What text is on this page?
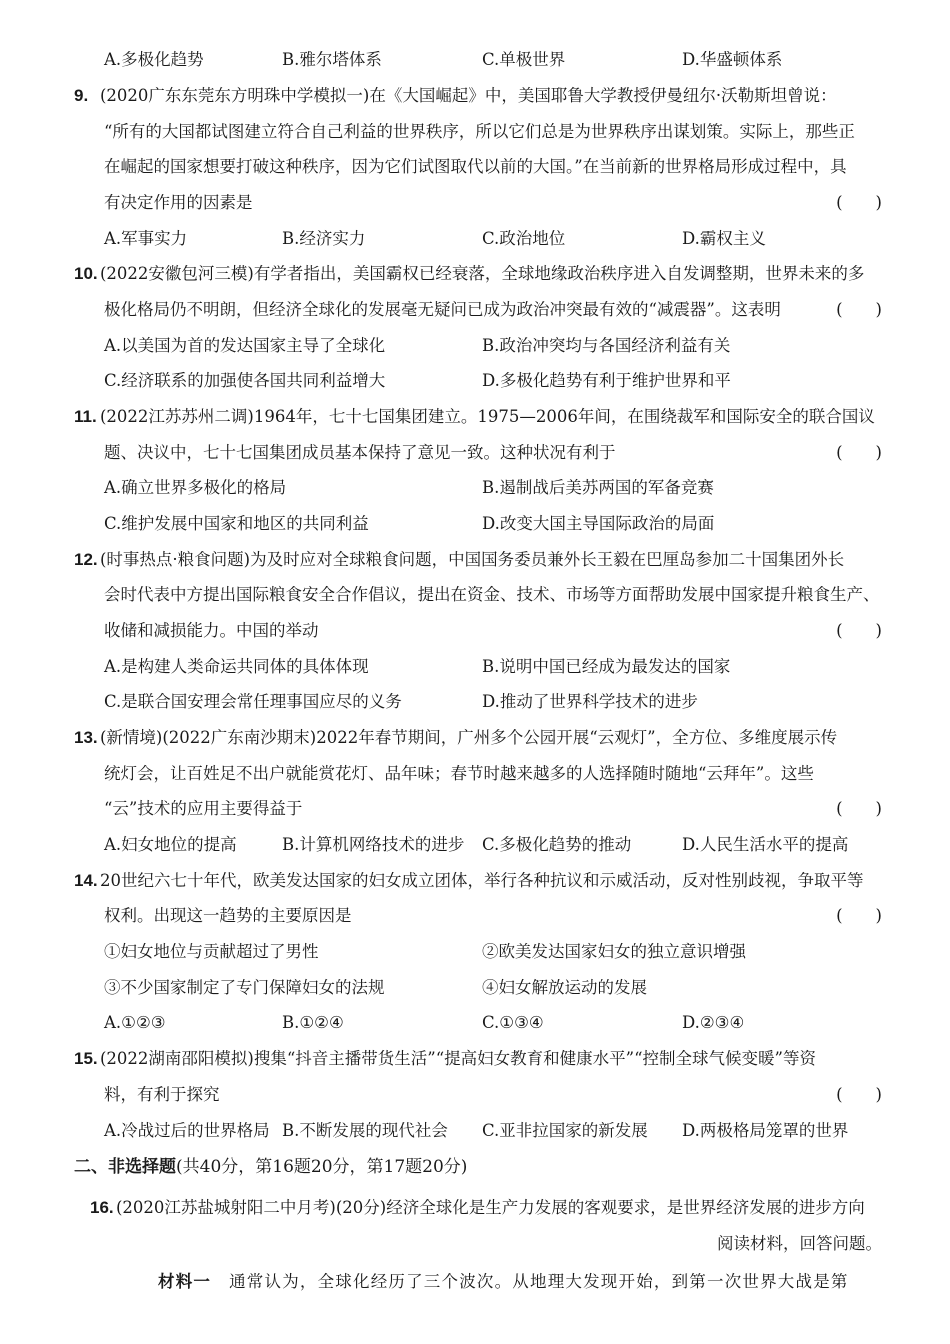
A.多极化趋势	B.雅尔塔体系	C.单极世界	D.华盛顿体系
9. (2020广东东莞东方明珠中学模拟一)在《大国崛起》中，美国耶鲁大学教授伊曼纽尔·沃勒斯坦曾说：
“所有的大国都试图建立符合自己利益的世界秩序，所以它们总是为世界秩序出谋划策。实际上，那些正
在崛起的国家想要打破这种秩序，因为它们试图取代以前的大国。”在当前新的世界格局形成过程中，具
有决定作用的因素是	(　　)
A.军事实力	B.经济实力	C.政治地位	D.霸权主义
10. (2022安徽包河三模)有学者指出，美国霸权已经衰落，全球地缘政治秩序进入自发调整期，世界未来的多
极化格局仍不明朗，但经济全球化的发展毫无疑问已成为政治冲突最有效的“减震器”。这表明	(　　)
A.以美国为首的发达国家主导了全球化	B.政治冲突均与各国经济利益有关
C.经济联系的加强使各国共同利益增大	D.多极化趋势有利于维护世界和平
11. (2022江苏苏州二调)1964年，七十七国集团建立。1975—2006年间，在围绕裁军和国际安全的联合国议
题、决议中，七十七国集团成员基本保持了意见一致。这种状况有利于	(　　)
A.确立世界多极化的格局	B.遏制战后美苏两国的军备竞赛
C.维护发展中国家和地区的共同利益	D.改变大国主导国际政治的局面
12. (时事热点·粮食问题)为及时应对全球粮食问题，中国国务委员兼外长王毅在巴厘岛参加二十国集团外长
会时代表中方提出国际粮食安全合作倡议，提出在资金、技术、市场等方面帮助发展中国家提升粮食生产、
收储和减损能力。中国的举动	(　　)
A.是构建人类命运共同体的具体体现	B.说明中国已经成为最发达的国家
C.是联合国安理会常任理事国应尽的义务	D.推动了世界科学技术的进步
13. (新情境)(2022广东南沙期末)2022年春节期间，广州多个公园开展“云观灯”，全方位、多维度展示传
统灯会，让百姓足不出户就能赏花灯、品年味；春节时越来越多的人选择随时随地“云拜年”。这些
“云”技术的应用主要得益于	(　　)
A.妇女地位的提高	B.计算机网络技术的进步 C.多极化趋势的推动	D.人民生活水平的提高
14. 20世纪六七十年代，欧美发达国家的妇女成立团体，举行各种抗议和示威活动，反对性别歧视，争取平等
权利。出现这一趋势的主要原因是	(　　)
①妇女地位与贡献超过了男性	②欧美发达国家妇女的独立意识增强
③不少国家制定了专门保障妇女的法规	④妇女解放运动的发展
A.①②③	B.①②④	C.①③④	D.②③④
15. (2022湖南邵阳模拟)搜集“抖音主播带货生活”“提高妇女教育和健康水平”“控制全球气候变暖”等资
料，有利于探究	(　　)
A.冷战过后的世界格局 B.不断发展的现代社会 C.亚非拉国家的新发展 D.两极格局笼罩的世界
二、非选择题(共40分，第16题20分，第17题20分)
16. (2020江苏盐城射阳二中月考)(20分)经济全球化是生产力发展的客观要求，是世界经济发展的进步方向
阅读材料，回答问题。
材料一 通常认为，全球化经历了三个波次。从地理大发现开始，到第一次世界大战是第
